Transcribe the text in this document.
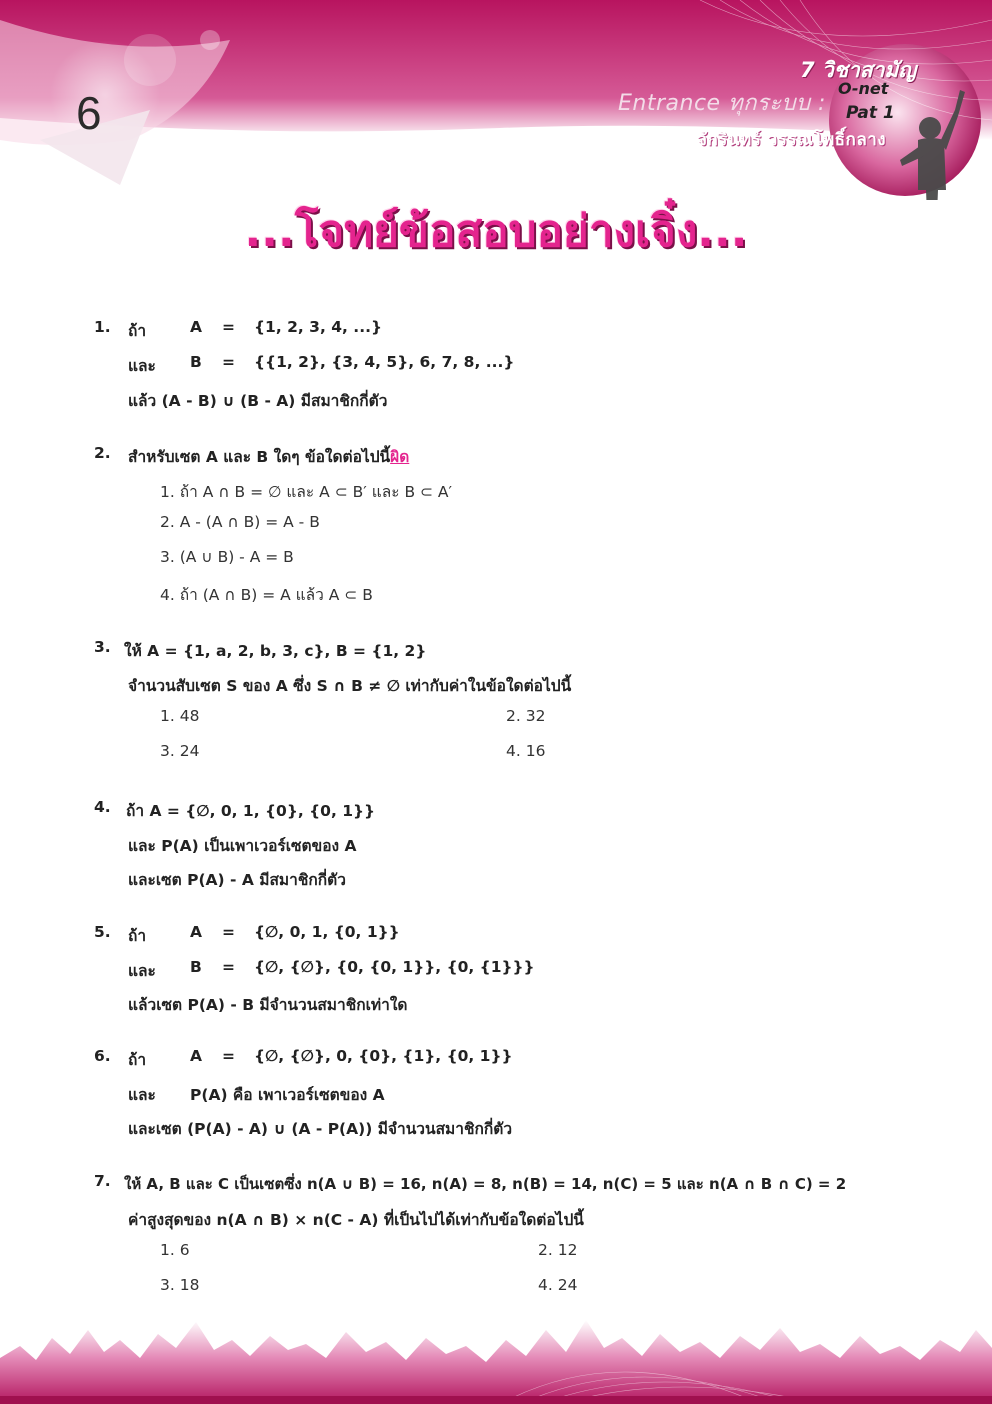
6
7 วิชาสามัญ
Entrance ทุกระบบ :
O-net
Pat 1
จักรินทร์ วรรณโพธิ์กลาง
...โจทย์ข้อสอบอย่างเจิ๋ง...
1. ถ้า	A = {1, 2, 3, 4, ...}
และ B = {{1, 2}, {3, 4, 5}, 6, 7, 8, ...}
แล้ว (A - B) ∪ (B - A) มีสมาชิกกี่ตัว
2. สำหรับเซต A และ B ใดๆ ข้อใดต่อไปนี้ผิด
1. ถ้า A ∩ B = ∅ และ A ⊂ B′ และ B ⊂ A′
2. A - (A ∩ B) = A - B
3. (A ∪ B) - A = B
4. ถ้า (A ∩ B) = A แล้ว A ⊂ B
3. ให้ A = {1, a, 2, b, 3, c}, B = {1, 2}
จำนวนสับเซต S ของ A ซึ่ง S ∩ B ≠ ∅ เท่ากับค่าในข้อใดต่อไปนี้
1. 48	2. 32
3. 24	4. 16
4. ถ้า A = {∅, 0, 1, {0}, {0, 1}}
และ P(A) เป็นเพาเวอร์เซตของ A
และเซต P(A) - A มีสมาชิกกี่ตัว
5. ถ้า	A = {∅, 0, 1, {0, 1}}
และ B = {∅, {∅}, {0, {0, 1}}, {0, {1}}}
แล้วเซต P(A) - B มีจำนวนสมาชิกเท่าใด
6. ถ้า	A = {∅, {∅}, 0, {0}, {1}, {0, 1}}
และ P(A) คือ เพาเวอร์เซตของ A
และเซต (P(A) - A) ∪ (A - P(A)) มีจำนวนสมาชิกกี่ตัว
7. ให้ A, B และ C เป็นเซตซึ่ง n(A ∪ B) = 16, n(A) = 8, n(B) = 14, n(C) = 5 และ n(A ∩ B ∩ C) = 2
ค่าสูงสุดของ n(A ∩ B) × n(C - A) ที่เป็นไปได้เท่ากับข้อใดต่อไปนี้
1. 6	2. 12
3. 18	4. 24
